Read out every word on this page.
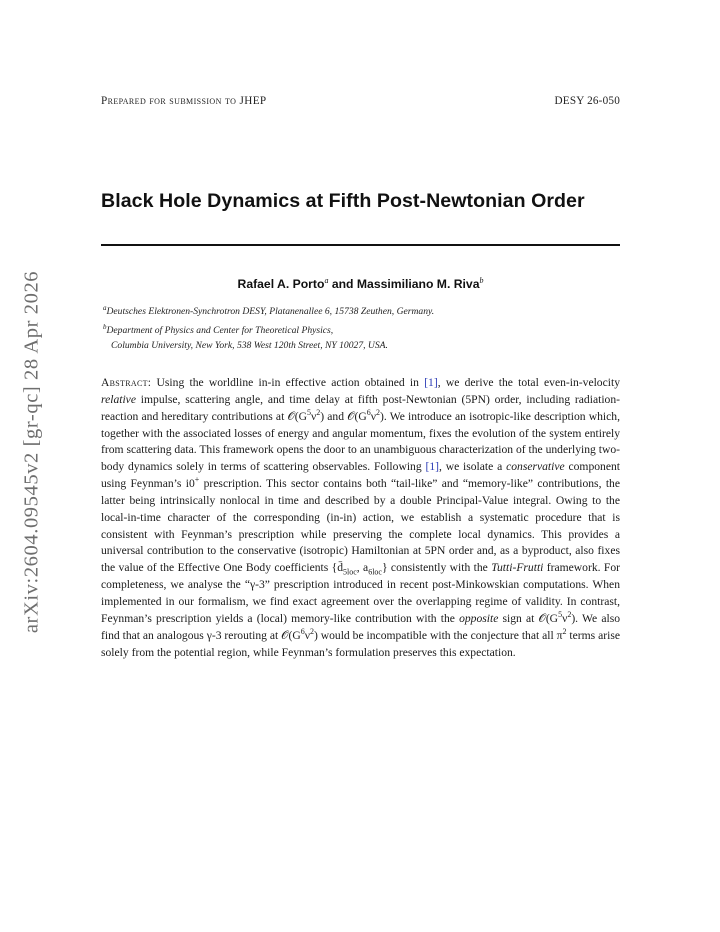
arXiv:2604.09545v2 [gr-qc] 28 Apr 2026
Prepared for submission to JHEP	DESY 26-050
Black Hole Dynamics at Fifth Post-Newtonian Order
Rafael A. Porto$^a$ and Massimiliano M. Riva$^b$
$^a$Deutsches Elektronen-Synchrotron DESY, Platanenallee 6, 15738 Zeuthen, Germany.
$^b$Department of Physics and Center for Theoretical Physics,
Columbia University, New York, 538 West 120th Street, NY 10027, USA.
Abstract: Using the worldline in-in effective action obtained in [1], we derive the total even-in-velocity relative impulse, scattering angle, and time delay at fifth post-Newtonian (5PN) order, including radiation-reaction and hereditary contributions at $𝒪(G^5\nu^2)$ and $𝒪(G^6\nu^2)$. We introduce an isotropic-like description which, together with the associated losses of energy and angular momentum, fixes the evolution of the system entirely from scattering data. This framework opens the door to an unambiguous characterization of the underlying two-body dynamics solely in terms of scattering observables. Following [1], we isolate a conservative component using Feynman’s i0+ prescription. This sector contains both “tail-like” and “memory-like” contributions, the latter being intrinsically nonlocal in time and described by a double Principal-Value integral. Owing to the local-in-time character of the corresponding (in-in) action, we establish a systematic procedure that is consistent with Feynman’s prescription while preserving the complete local dynamics. This provides a universal contribution to the conservative (isotropic) Hamiltonian at 5PN order and, as a byproduct, also fixes the value of the Effective One Body coefficients {$d̄_{5loc}$, $a_{6loc}$} consistently with the Tutti-Frutti framework. For completeness, we analyse the “γ-3” prescription introduced in recent post-Minkowskian computations. When implemented in our formalism, we find exact agreement over the overlapping regime of validity. In contrast, Feynman’s prescription yields a (local) memory-like contribution with the opposite sign at $𝒪(G^5\nu^2)$. We also find that an analogous γ-3 rerouting at $𝒪(G^6\nu^2)$ would be incompatible with the conjecture that all $\pi^2$ terms arise solely from the potential region, while Feynman’s formulation preserves this expectation.
